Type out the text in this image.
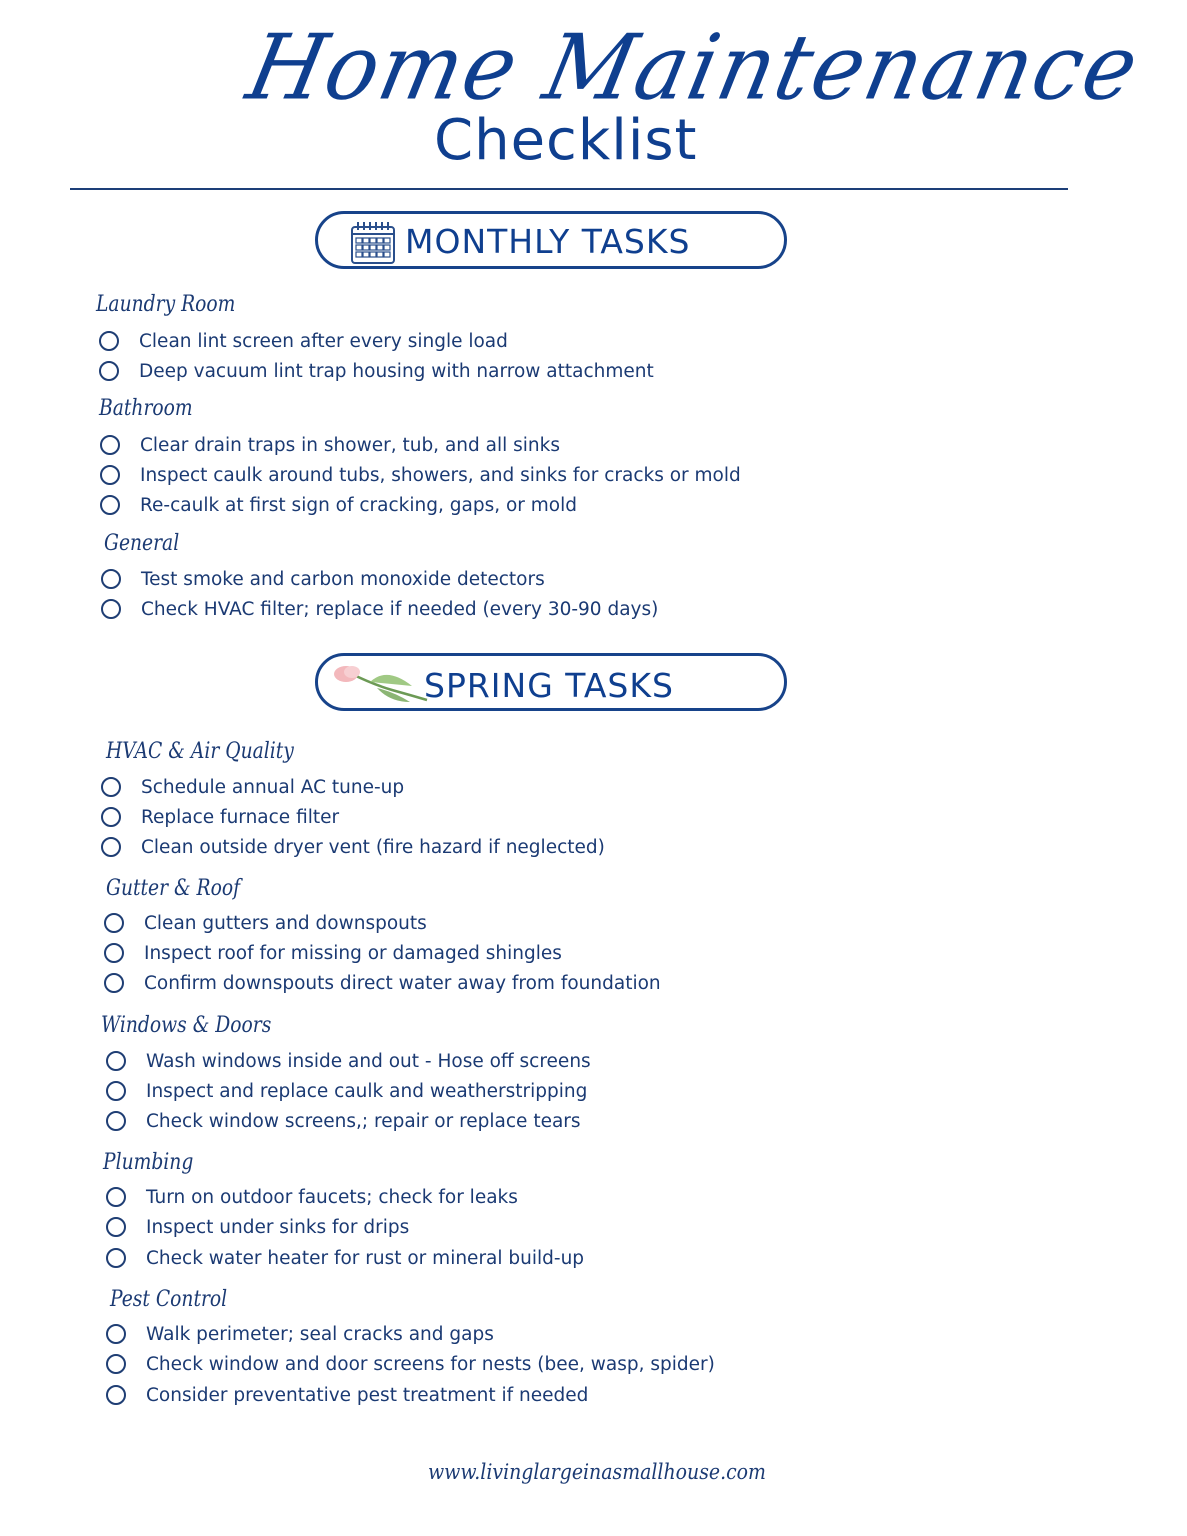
Home Maintenance
Checklist
MONTHLY TASKS
Laundry Room
Clean lint screen after every single load
Deep vacuum lint trap housing with narrow attachment
Bathroom
Clear drain traps in shower, tub, and all sinks
Inspect caulk around tubs, showers, and sinks for cracks or mold
Re-caulk at first sign of cracking, gaps, or mold
General
Test smoke and carbon monoxide detectors
Check HVAC filter; replace if needed (every 30-90 days)
SPRING TASKS
HVAC & Air Quality
Schedule annual AC tune-up
Replace furnace filter
Clean outside dryer vent (fire hazard if neglected)
Gutter & Roof
Clean gutters and downspouts
Inspect roof for missing or damaged shingles
Confirm downspouts direct water away from foundation
Windows & Doors
Wash windows inside and out - Hose off screens
Inspect and replace caulk and weatherstripping
Check window screens,; repair or replace tears
Plumbing
Turn on outdoor faucets; check for leaks
Inspect under sinks for drips
Check water heater for rust or mineral build-up
Pest Control
Walk perimeter; seal cracks and gaps
Check window and door screens for nests (bee, wasp, spider)
Consider preventative pest treatment if needed
www.livinglargeinasmallhouse.com
